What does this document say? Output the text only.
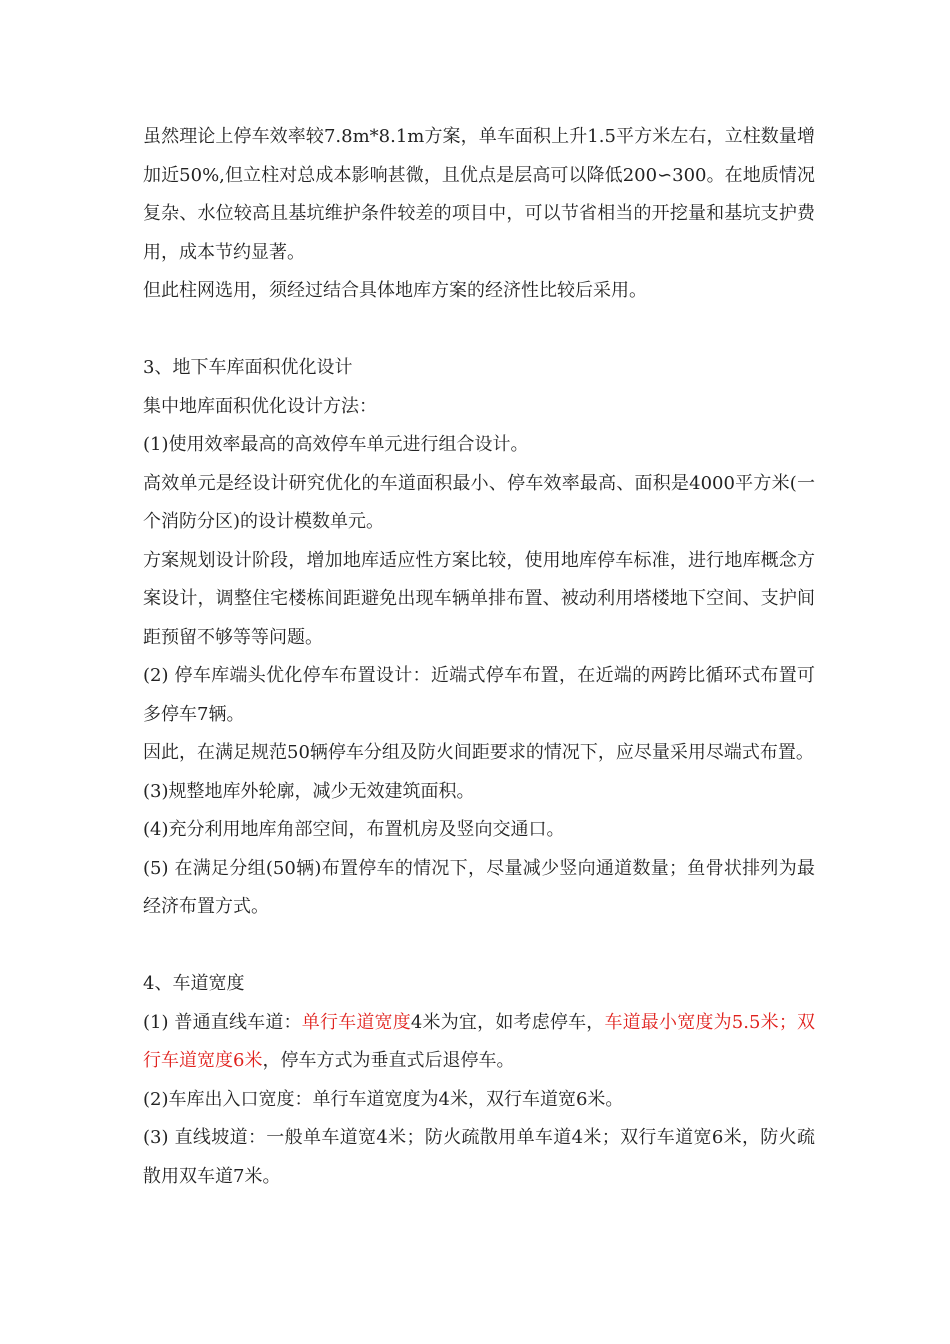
虽然理论上停车效率较7.8m*8.1m方案，单车面积上升1.5平方米左右，立柱数量增加近50%,但立柱对总成本影响甚微，且优点是层高可以降低200∽300。在地质情况复杂、水位较高且基坑维护条件较差的项目中，可以节省相当的开挖量和基坑支护费用，成本节约显著。

但此柱网选用，须经过结合具体地库方案的经济性比较后采用。

3、地下车库面积优化设计

集中地库面积优化设计方法：

(1)使用效率最高的高效停车单元进行组合设计。

高效单元是经设计研究优化的车道面积最小、停车效率最高、面积是4000平方米(一个消防分区)的设计模数单元。

方案规划设计阶段，增加地库适应性方案比较，使用地库停车标准，进行地库概念方案设计，调整住宅楼栋间距避免出现车辆单排布置、被动利用塔楼地下空间、支护间距预留不够等等问题。

(2) 停车库端头优化停车布置设计：近端式停车布置，在近端的两跨比循环式布置可多停车7辆。

因此，在满足规范50辆停车分组及防火间距要求的情况下，应尽量采用尽端式布置。

(3)规整地库外轮廓，减少无效建筑面积。

(4)充分利用地库角部空间，布置机房及竖向交通口。

(5) 在满足分组(50辆)布置停车的情况下，尽量减少竖向通道数量；鱼骨状排列为最经济布置方式。

4、车道宽度

(1) 普通直线车道：单行车道宽度4米为宜，如考虑停车，车道最小宽度为5.5米；双行车道宽度6米，停车方式为垂直式后退停车。

(2)车库出入口宽度：单行车道宽度为4米，双行车道宽6米。

(3) 直线坡道：一般单车道宽4米；防火疏散用单车道4米；双行车道宽6米，防火疏散用双车道7米。
